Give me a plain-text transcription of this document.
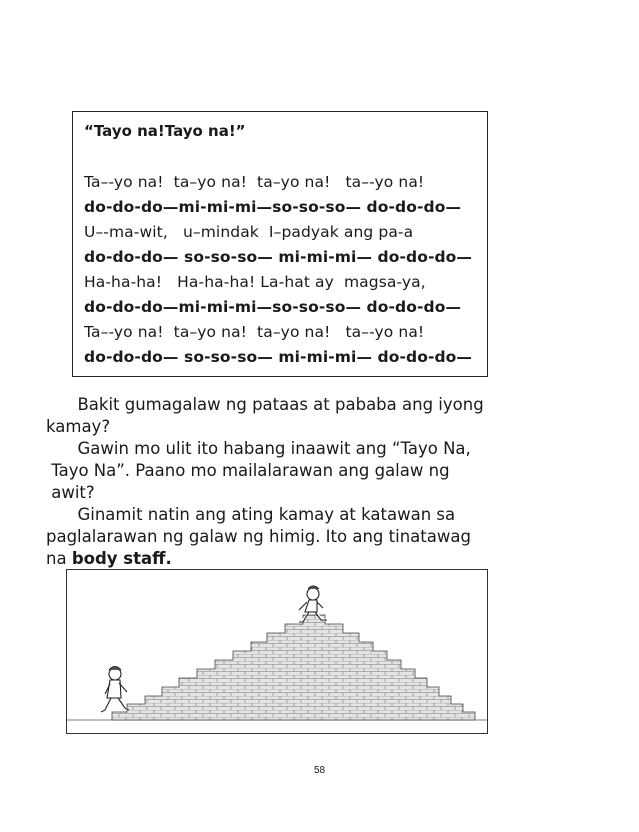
“Tayo na!Tayo na!”
Ta–-yo na!  ta–yo na!  ta–yo na!   ta–-yo na!
do-do-do—mi-mi-mi—so-so-so— do-do-do—
U–-ma-wit,   u–mindak  I–padyak ang pa-a
do-do-do— so-so-so— mi-mi-mi— do-do-do—
Ha-ha-ha!   Ha-ha-ha! La-hat ay  magsa-ya,
do-do-do—mi-mi-mi—so-so-so— do-do-do—
Ta–-yo na!  ta–yo na!  ta–yo na!   ta–-yo na!
do-do-do— so-so-so— mi-mi-mi— do-do-do—
Bakit gumagalaw ng pataas at pababa ang iyong
kamay?
Gawin mo ulit ito habang inaawit ang “Tayo Na,
Tayo Na”. Paano mo mailalarawan ang galaw ng
awit?
Ginamit natin ang ating kamay at katawan sa
paglalarawan ng galaw ng himig. Ito ang tinatawag
na body staff.
58
